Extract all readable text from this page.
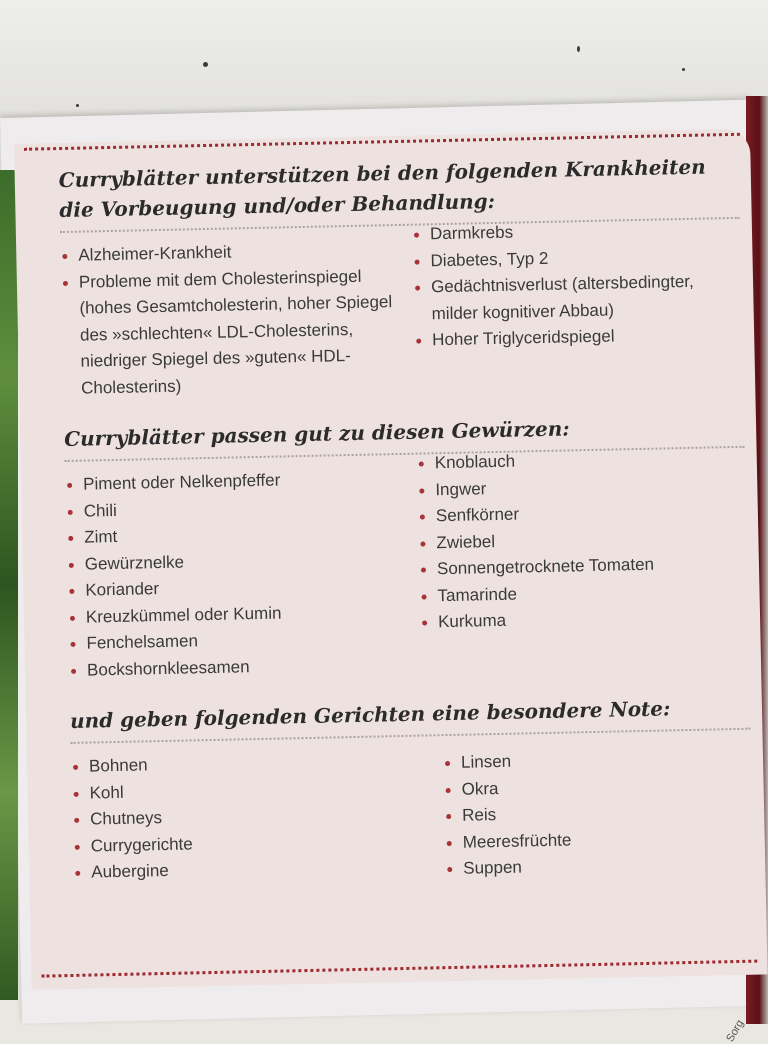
Curryblätter unterstützen bei den folgenden Krankheiten
die Vorbeugung und/oder Behandlung:
Alzheimer-Krankheit
Probleme mit dem Cholesterinspiegel (hohes Gesamtcholesterin, hoher Spiegel des »schlechten« LDL-Cholesterins, niedriger Spiegel des »guten« HDL-Cholesterins)
Darmkrebs
Diabetes, Typ 2
Gedächtnisverlust (altersbedingter, milder kognitiver Abbau)
Hoher Triglyceridspiegel
Curryblätter passen gut zu diesen Gewürzen:
Piment oder Nelkenpfeffer
Chili
Zimt
Gewürznelke
Koriander
Kreuzkümmel oder Kumin
Fenchelsamen
Bockshornkleesamen
Knoblauch
Ingwer
Senfkörner
Zwiebel
Sonnengetrocknete Tomaten
Tamarinde
Kurkuma
und geben folgenden Gerichten eine besondere Note:
Bohnen
Kohl
Chutneys
Currygerichte
Aubergine
Linsen
Okra
Reis
Meeresfrüchte
Suppen
Sorg
